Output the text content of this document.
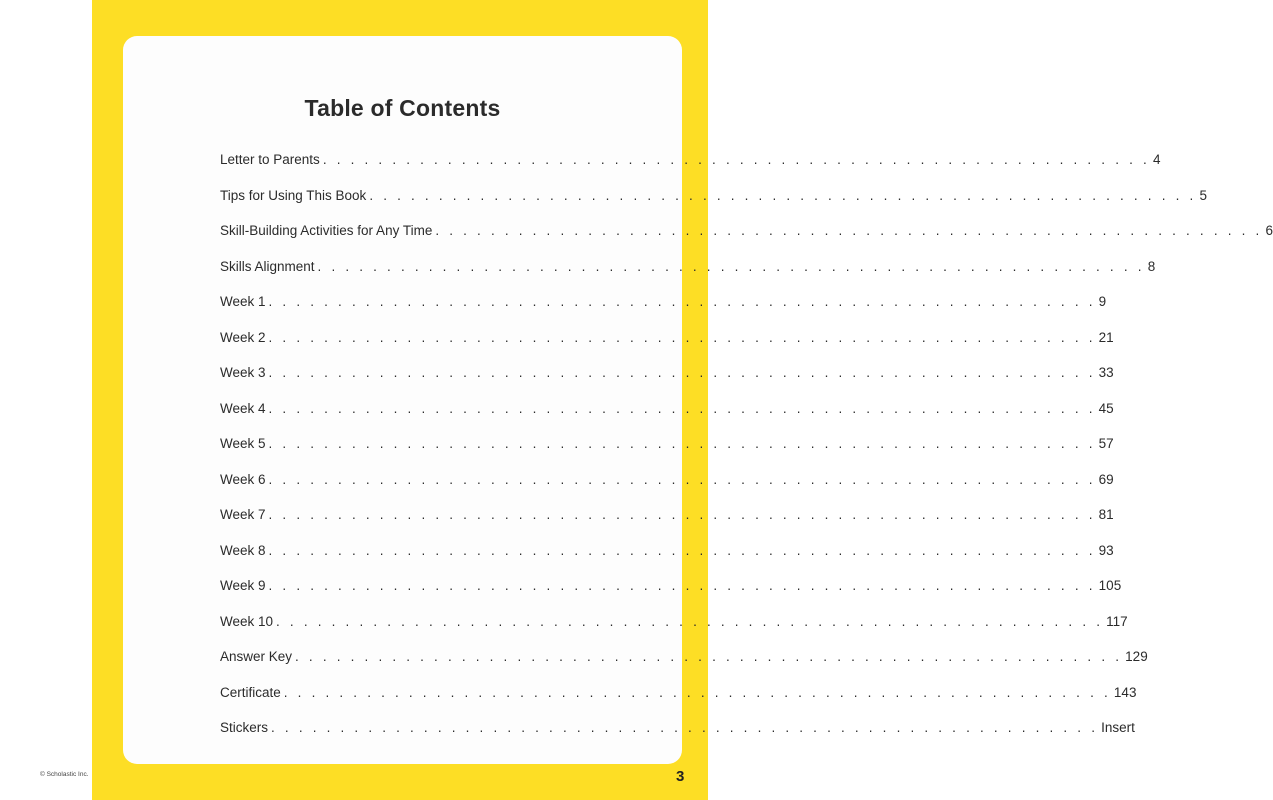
Table of Contents
Letter to Parents . . . . . . . . . . . . . . . . . . . . . . . . . . . . . . . . . . . . . . . . . . . . . . . . . . . . . . . . . . . . 4
Tips for Using This Book . . . . . . . . . . . . . . . . . . . . . . . . . . . . . . . . . . . . . . . . . . . . . . . . . . . . . . . . . . . . 5
Skill-Building Activities for Any Time . . . . . . . . . . . . . . . . . . . . . . . . . . . . . . . . . . . . . . . . . . . . . . . . . . . . . . . . . . . . 6
Skills Alignment . . . . . . . . . . . . . . . . . . . . . . . . . . . . . . . . . . . . . . . . . . . . . . . . . . . . . . . . . . . . 8
Week 1 . . . . . . . . . . . . . . . . . . . . . . . . . . . . . . . . . . . . . . . . . . . . . . . . . . . . . . . . . . . . 9
Week 2 . . . . . . . . . . . . . . . . . . . . . . . . . . . . . . . . . . . . . . . . . . . . . . . . . . . . . . . . . . . . 21
Week 3 . . . . . . . . . . . . . . . . . . . . . . . . . . . . . . . . . . . . . . . . . . . . . . . . . . . . . . . . . . . . 33
Week 4 . . . . . . . . . . . . . . . . . . . . . . . . . . . . . . . . . . . . . . . . . . . . . . . . . . . . . . . . . . . . 45
Week 5 . . . . . . . . . . . . . . . . . . . . . . . . . . . . . . . . . . . . . . . . . . . . . . . . . . . . . . . . . . . . 57
Week 6 . . . . . . . . . . . . . . . . . . . . . . . . . . . . . . . . . . . . . . . . . . . . . . . . . . . . . . . . . . . . 69
Week 7 . . . . . . . . . . . . . . . . . . . . . . . . . . . . . . . . . . . . . . . . . . . . . . . . . . . . . . . . . . . . 81
Week 8 . . . . . . . . . . . . . . . . . . . . . . . . . . . . . . . . . . . . . . . . . . . . . . . . . . . . . . . . . . . . 93
Week 9 . . . . . . . . . . . . . . . . . . . . . . . . . . . . . . . . . . . . . . . . . . . . . . . . . . . . . . . . . . . . 105
Week 10 . . . . . . . . . . . . . . . . . . . . . . . . . . . . . . . . . . . . . . . . . . . . . . . . . . . . . . . . . . . . 117
Answer Key . . . . . . . . . . . . . . . . . . . . . . . . . . . . . . . . . . . . . . . . . . . . . . . . . . . . . . . . . . . . 129
Certificate . . . . . . . . . . . . . . . . . . . . . . . . . . . . . . . . . . . . . . . . . . . . . . . . . . . . . . . . . . . . 143
Stickers . . . . . . . . . . . . . . . . . . . . . . . . . . . . . . . . . . . . . . . . . . . . . . . . . . . . . . . . . . . . Insert
© Scholastic Inc.	3
